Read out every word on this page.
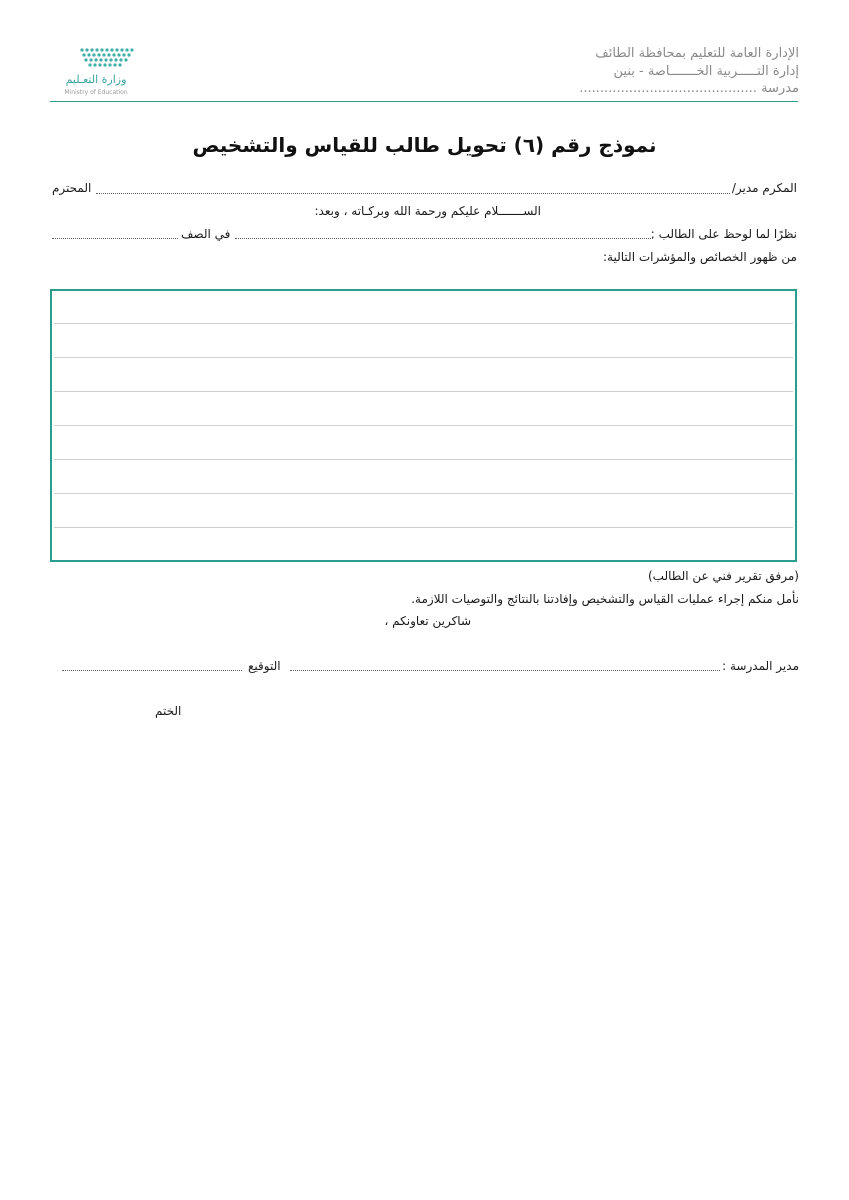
الإدارة العامة للتعليم بمحافظة الطائف
إدارة التـــــربية الخـــــــاصة - بنين
مدرسة ...........................................
وزارة التعـليم
Ministry of Education
نموذج رقم (٦) تحويل طالب للقياس والتشخيص
المكرم مدير/
المحترم
الســـــــلام عليكم ورحمة الله وبركـاته ، وبعد:
نظرًا لما لوحظ على الطالب :
في الصف
من ظهور الخصائص والمؤشرات التالية:
(مرفق تقرير فني عن الطالب)
نأمل منكم إجراء عمليات القياس والتشخيص وإفادتنا بالنتائج والتوصيات اللازمة.
شاكرين تعاونكم ،
مدير المدرسة :
التوقيع
الختم
